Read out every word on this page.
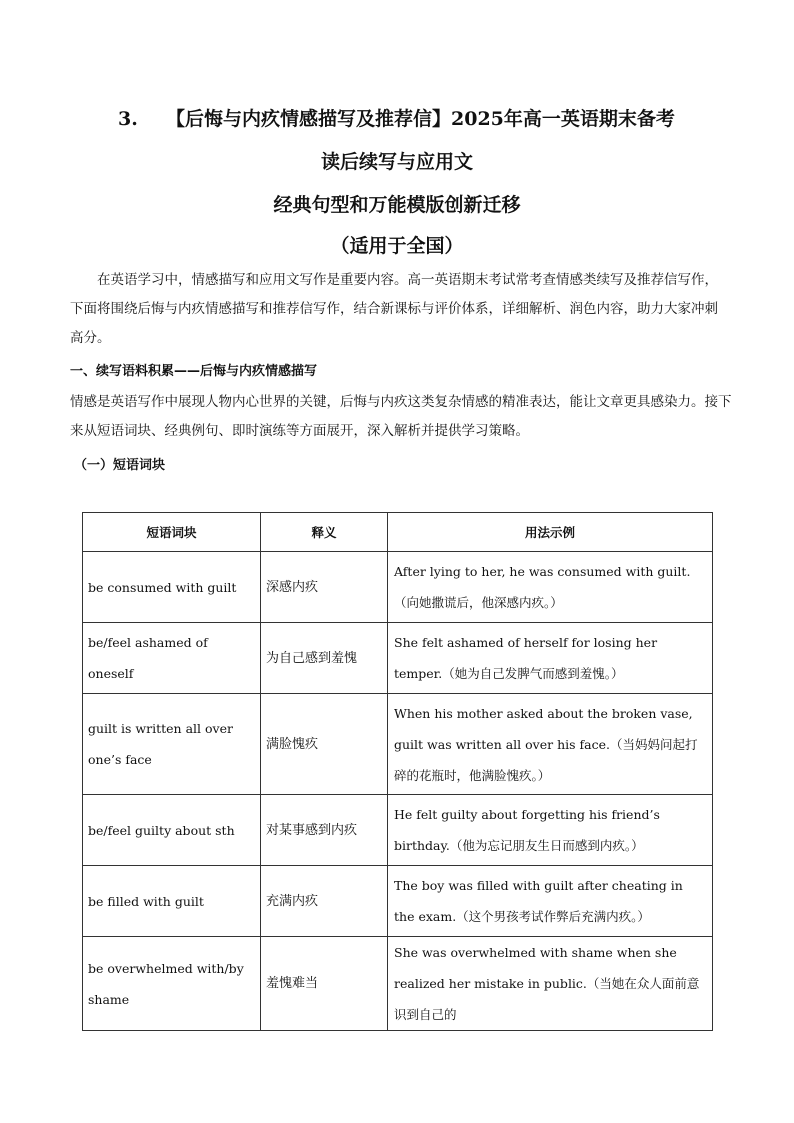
3. 【后悔与内疚情感描写及推荐信】2025年高一英语期末备考
读后续写与应用文
经典句型和万能模版创新迁移
（适用于全国）
在英语学习中，情感描写和应用文写作是重要内容。高一英语期末考试常考查情感类续写及推荐信写作，下面将围绕后悔与内疚情感描写和推荐信写作，结合新课标与评价体系，详细解析、润色内容，助力大家冲刺高分。
一、续写语料积累——后悔与内疚情感描写
情感是英语写作中展现人物内心世界的关键，后悔与内疚这类复杂情感的精准表达，能让文章更具感染力。接下来从短语词块、经典例句、即时演练等方面展开，深入解析并提供学习策略。
（一）短语词块
短语词块	释义	用法示例
be consumed with guilt	深感内疚	After lying to her, he was consumed with guilt.（向她撒谎后，他深感内疚。）
be/feel ashamed of oneself	为自己感到羞愧	She felt ashamed of herself for losing her temper.（她为自己发脾气而感到羞愧。）
guilt is written all over one’s face	满脸愧疚	When his mother asked about the broken vase, guilt was written all over his face.（当妈妈问起打碎的花瓶时，他满脸愧疚。）
be/feel guilty about sth	对某事感到内疚	He felt guilty about forgetting his friend’s birthday.（他为忘记朋友生日而感到内疚。）
be filled with guilt	充满内疚	The boy was filled with guilt after cheating in the exam.（这个男孩考试作弊后充满内疚。）
be overwhelmed with/by shame	羞愧难当	She was overwhelmed with shame when she realized her mistake in public.（当她在众人面前意识到自己的
